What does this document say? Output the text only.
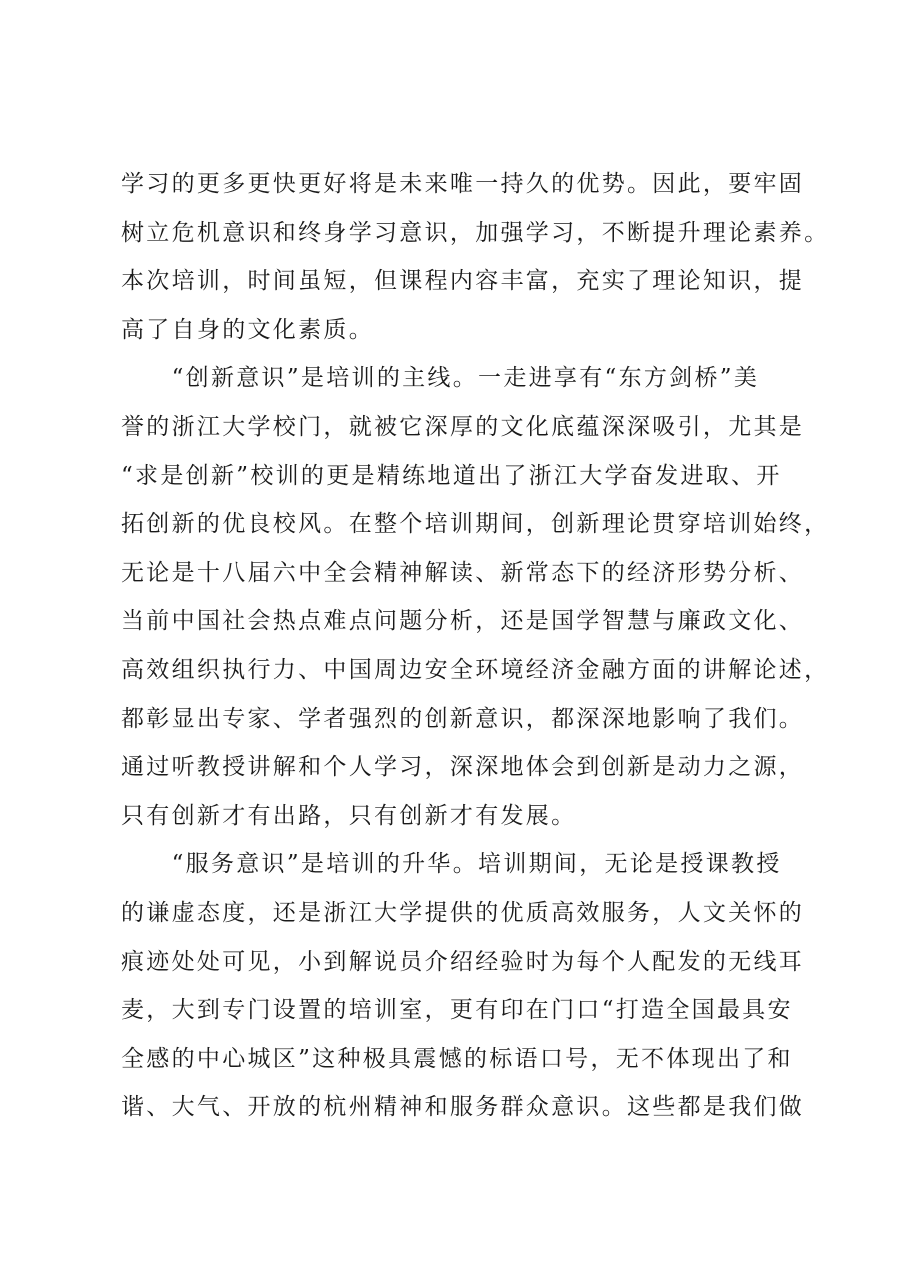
学习的更多更快更好将是未来唯一持久的优势。因此，要牢固
树立危机意识和终身学习意识，加强学习，不断提升理论素养。
本次培训，时间虽短，但课程内容丰富，充实了理论知识，提
高了自身的文化素质。
　　“创新意识”是培训的主线。一走进享有“东方剑桥”美
誉的浙江大学校门，就被它深厚的文化底蕴深深吸引，尤其是
“求是创新”校训的更是精练地道出了浙江大学奋发进取、开
拓创新的优良校风。在整个培训期间，创新理论贯穿培训始终，
无论是十八届六中全会精神解读、新常态下的经济形势分析、
当前中国社会热点难点问题分析，还是国学智慧与廉政文化、
高效组织执行力、中国周边安全环境经济金融方面的讲解论述，
都彰显出专家、学者强烈的创新意识，都深深地影响了我们。
通过听教授讲解和个人学习，深深地体会到创新是动力之源，
只有创新才有出路，只有创新才有发展。
　　“服务意识”是培训的升华。培训期间，无论是授课教授
的谦虚态度，还是浙江大学提供的优质高效服务，人文关怀的
痕迹处处可见，小到解说员介绍经验时为每个人配发的无线耳
麦，大到专门设置的培训室，更有印在门口“打造全国最具安
全感的中心城区”这种极具震憾的标语口号，无不体现出了和
谐、大气、开放的杭州精神和服务群众意识。这些都是我们做
